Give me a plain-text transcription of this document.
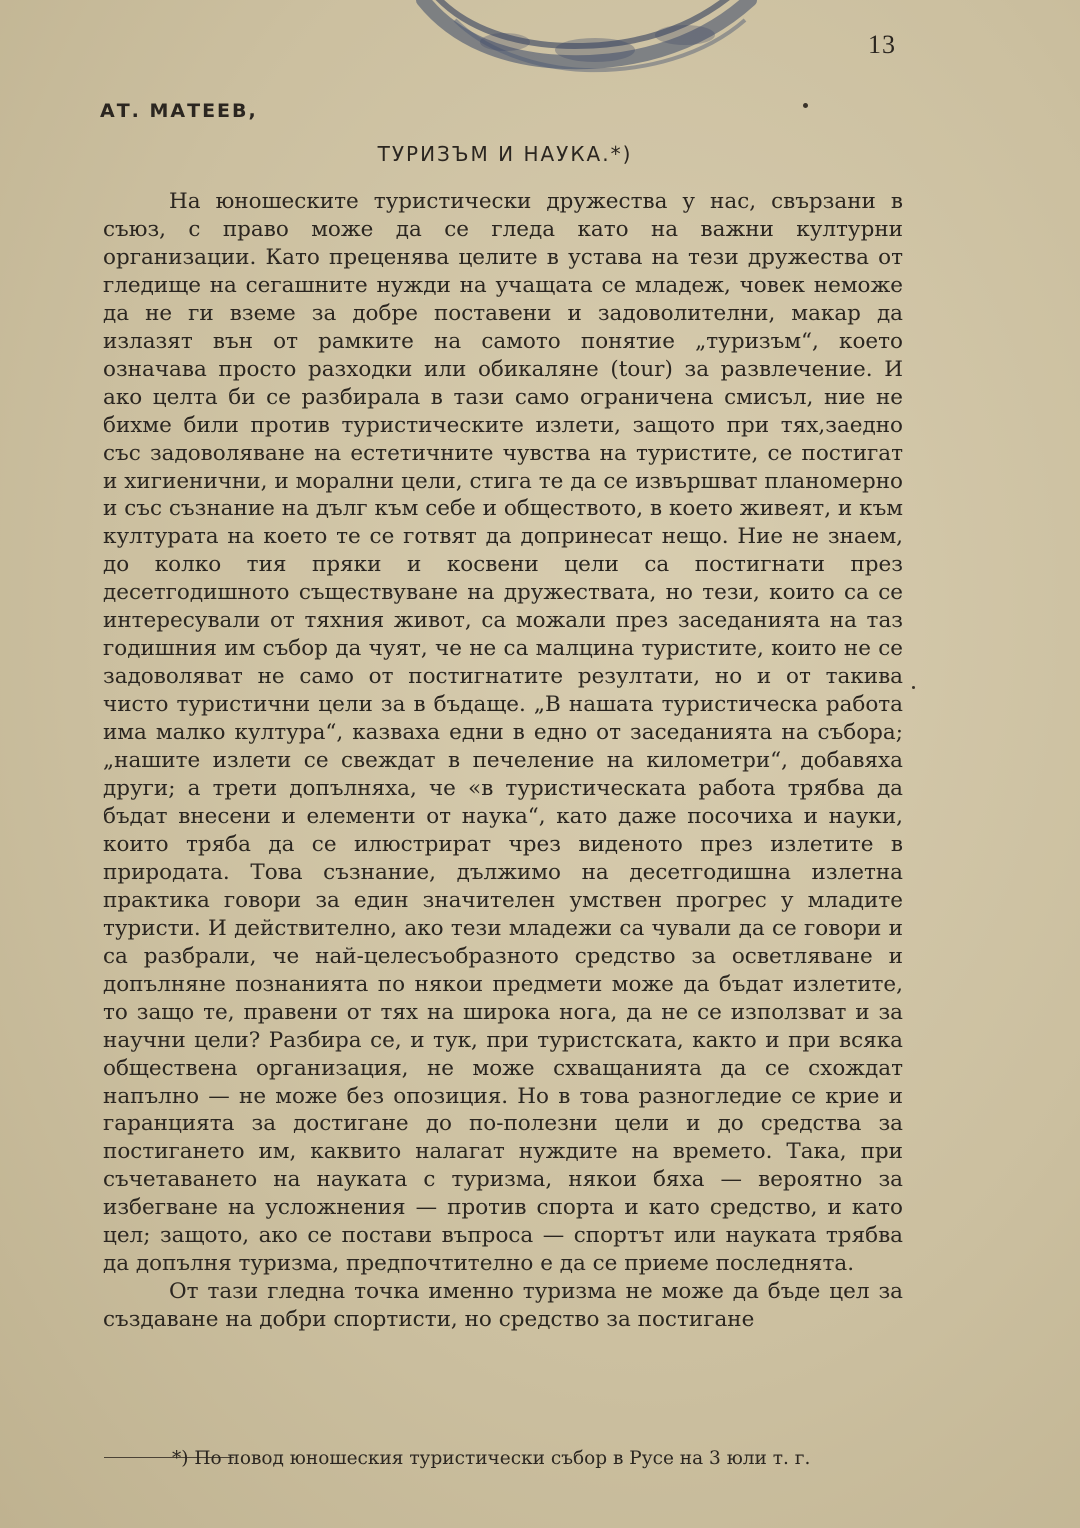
13
АТ. МАТЕЕВ,
ТУРИЗЪМ И НАУКА.*)

На юношеските туристически дружества у нас, свързани в съюз, с право може да се гледа като на важни културни организации. Като преценява целите в устава на тези дружества от гледище на сегашните нужди на учащата се младеж, човек неможе да не ги вземе за добре поставени и задоволителни, макар да излазят вън от рамките на самото понятие „туризъм“, което означава просто разходки или обикаляне (tour) за развлечение. И ако целта би се разбирала в тази само ограничена смисъл, ние не бихме били против туристическите излети, защото при тях,заедно със задоволяване на естетичните чувства на туристите, се постигат и хигиенични, и морални цели, стига те да се извършват планомерно и със съзнание на дълг към себе и обществото, в което живеят, и към културата на което те се готвят да допринесат нещо. Ние не знаем, до колко тия пряки и косвени цели са постигнати през десетгодишното съществуване на дружествата, но тези, които са се интересували от тяхния живот, са можали през заседанията на таз годишния им събор да чуят, че не са малцина туристите, които не се задоволяват не само от постигнатите резултати, но и от такива чисто туристични цели за в бъдаще. „В нашата туристическа работа има малко култура“, казваха едни в едно от заседанията на събора; „нашите излети се свеждат в печеление на километри“, добавяха други; а трети допълняха, че «в туристическата работа трябва да бъдат внесени и елементи от наука“, като даже посочиха и науки, които тряба да се илюстрират чрез виденото през излетите в природата. Това съзнание, дължимо на десетгодишна излетна практика говори за един значителен умствен прогрес у младите туристи. И действително, ако тези младежи са чували да се говори и са разбрали, че най-целесъобразното средство за осветляване и допълняне познанията по някои предмети може да бъдат излетите, то защо те, правени от тях на широка нога, да не се използват и за научни цели? Разбира се, и тук, при туристската, както и при всяка обществена организация, не може схващанията да се схождат напълно — не може без опозиция. Но в това разногледие се крие и гаранцията за достигане до по-полезни цели и до средства за постигането им, каквито налагат нуждите на времето. Така, при съчетаването на науката с туризма, някои бяха — вероятно за избегване на усложнения — против спорта и като средство, и като цел; защото, ако се постави въпроса — спортът или науката трябва да допълня туризма, предпочтително е да се приеме последнята.

От тази гледна точка именно туризма не може да бъде цел за създаване на добри спортисти, но средство за постигане

*) По повод юношеския туристически събор в Русе на 3 юли т. г.
